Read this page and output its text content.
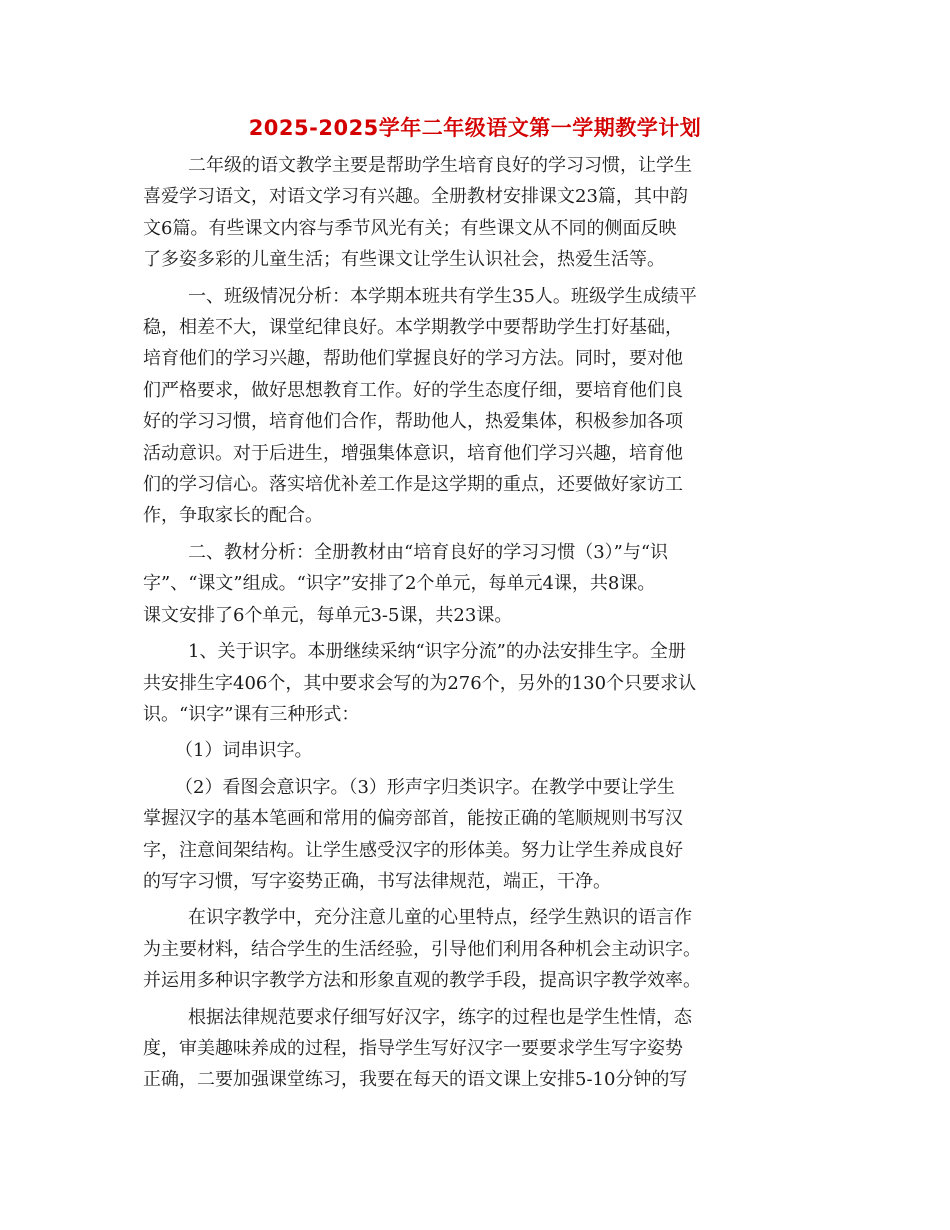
2025-2025学年二年级语文第一学期教学计划

二年级的语文教学主要是帮助学生培育良好的学习习惯，让学生
喜爱学习语文，对语文学习有兴趣。全册教材安排课文23篇，其中韵
文6篇。有些课文内容与季节风光有关；有些课文从不同的侧面反映
了多姿多彩的儿童生活；有些课文让学生认识社会，热爱生活等。

一、班级情况分析：本学期本班共有学生35人。班级学生成绩平
稳，相差不大，课堂纪律良好。本学期教学中要帮助学生打好基础，
培育他们的学习兴趣，帮助他们掌握良好的学习方法。同时，要对他
们严格要求，做好思想教育工作。好的学生态度仔细，要培育他们良
好的学习习惯，培育他们合作，帮助他人，热爱集体，积极参加各项
活动意识。对于后进生，增强集体意识，培育他们学习兴趣，培育他
们的学习信心。落实培优补差工作是这学期的重点，还要做好家访工
作，争取家长的配合。

二、教材分析：全册教材由“培育良好的学习习惯（3）”与“识
字”、“课文”组成。“识字”安排了2个单元，每单元4课，共8课。
课文安排了6个单元，每单元3-5课，共23课。

1、关于识字。本册继续采纳“识字分流”的办法安排生字。全册
共安排生字406个，其中要求会写的为276个，另外的130个只要求认
识。“识字”课有三种形式：

（1）词串识字。

（2）看图会意识字。（3）形声字归类识字。在教学中要让学生
掌握汉字的基本笔画和常用的偏旁部首，能按正确的笔顺规则书写汉
字，注意间架结构。让学生感受汉字的形体美。努力让学生养成良好
的写字习惯，写字姿势正确，书写法律规范，端正，干净。

在识字教学中，充分注意儿童的心里特点，经学生熟识的语言作
为主要材料，结合学生的生活经验，引导他们利用各种机会主动识字。
并运用多种识字教学方法和形象直观的教学手段，提高识字教学效率。

根据法律规范要求仔细写好汉字，练字的过程也是学生性情，态
度，审美趣味养成的过程，指导学生写好汉字一要要求学生写字姿势
正确，二要加强课堂练习，我要在每天的语文课上安排5-10分钟的写
